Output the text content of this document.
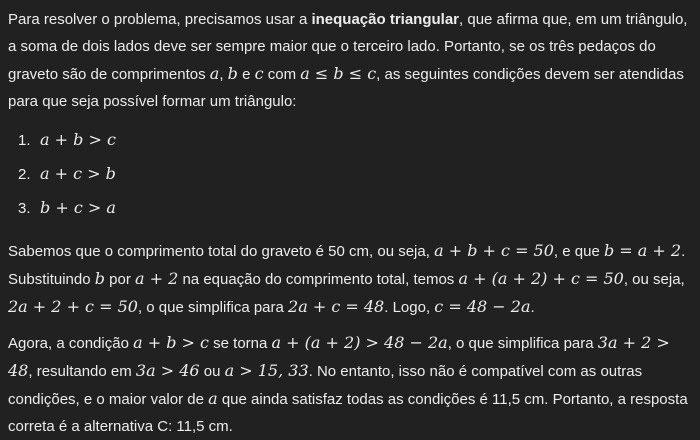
Para resolver o problema, precisamos usar a inequação triangular, que afirma que, em um triângulo, a soma de dois lados deve ser sempre maior que o terceiro lado. Portanto, se os três pedaços do graveto são de comprimentos a, b e c com a ≤ b ≤ c, as seguintes condições devem ser atendidas para que seja possível formar um triângulo:

1. a + b > c
2. a + c > b
3. b + c > a

Sabemos que o comprimento total do graveto é 50 cm, ou seja, a + b + c = 50, e que b = a + 2. Substituindo b por a + 2 na equação do comprimento total, temos a + (a + 2) + c = 50, ou seja, 2a + 2 + c = 50, o que simplifica para 2a + c = 48. Logo, c = 48 − 2a.

Agora, a condição a + b > c se torna a + (a + 2) > 48 − 2a, o que simplifica para 3a + 2 > 48, resultando em 3a > 46 ou a > 15, 33. No entanto, isso não é compatível com as outras condições, e o maior valor de a que ainda satisfaz todas as condições é 11,5 cm. Portanto, a resposta correta é a alternativa C: 11,5 cm.
